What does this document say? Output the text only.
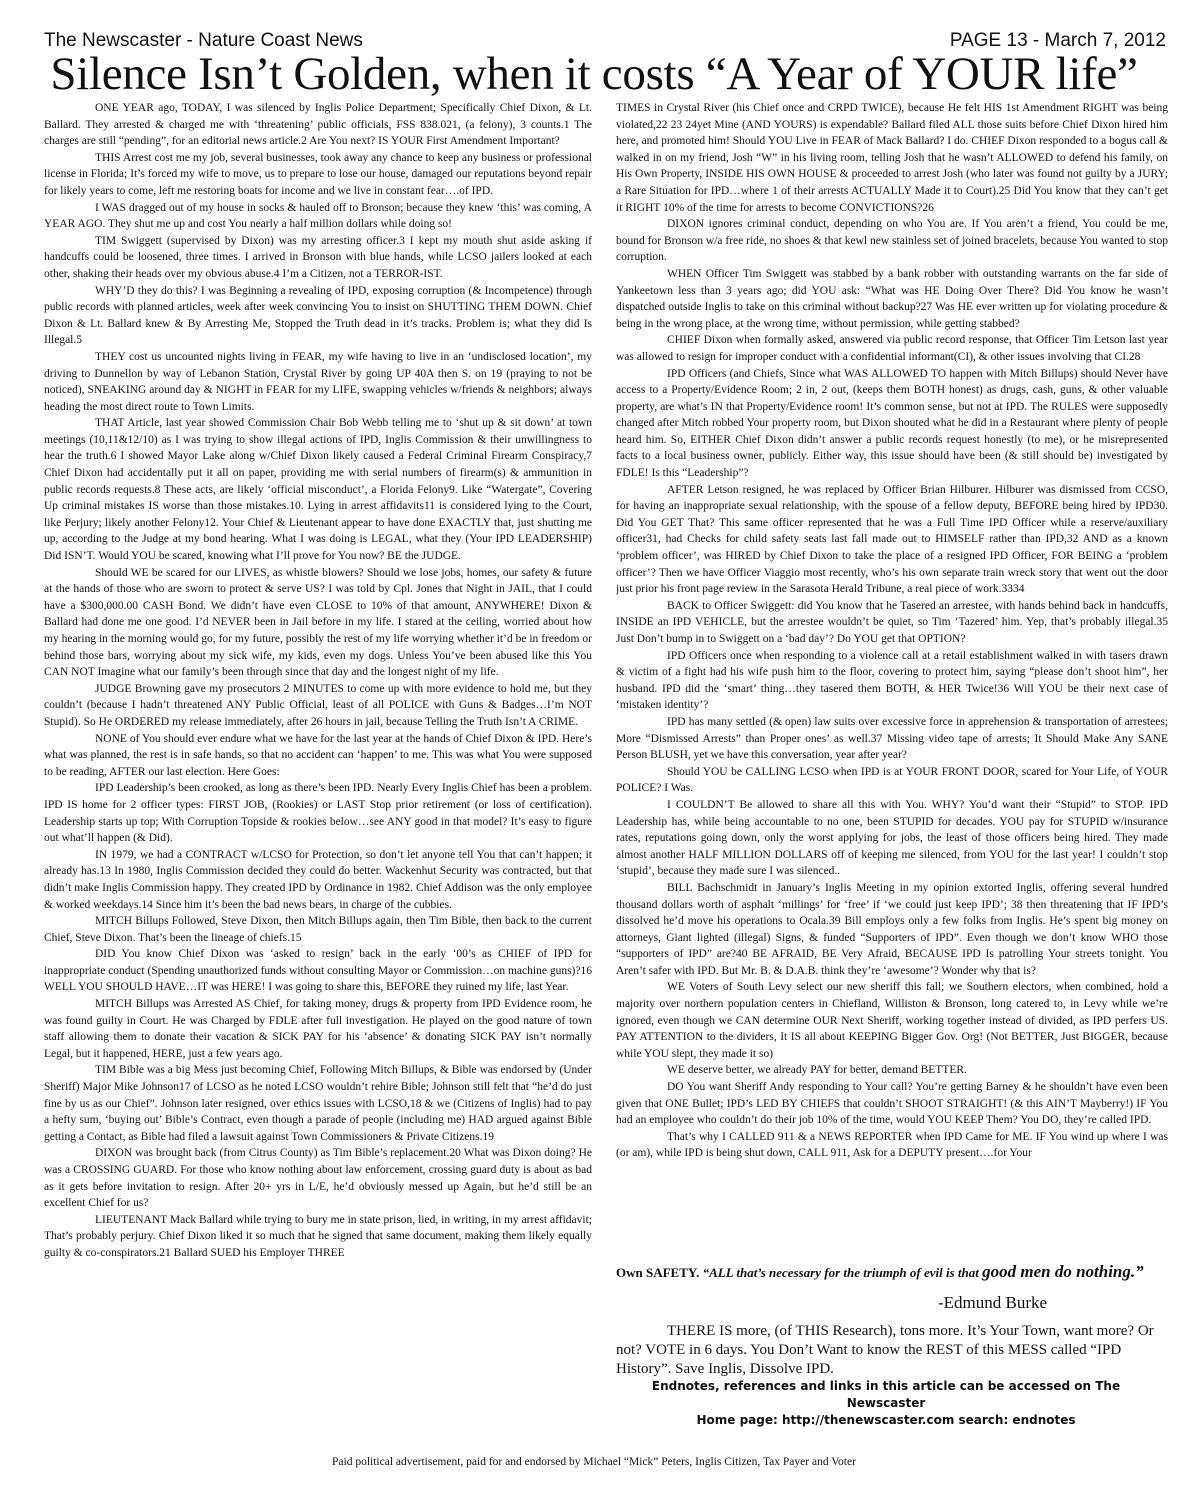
The Newscaster - Nature Coast News	PAGE 13 - March 7, 2012
Silence Isn’t Golden, when it costs “A Year of YOUR life”

ONE YEAR ago, TODAY, I was silenced by Inglis Police Department; Specifically Chief Dixon, & Lt. Ballard. They arrested & charged me with ‘threatening’ public officials, FSS 838.021, (a felony), 3 counts.1 The charges are still “pending”, for an editorial news article.2 Are You next? IS YOUR First Amendment Important?

THIS Arrest cost me my job, several businesses, took away any chance to keep any business or professional license in Florida; It’s forced my wife to move, us to prepare to lose our house, damaged our reputations beyond repair for likely years to come, left me restoring boats for income and we live in constant fear….of IPD.

I WAS dragged out of my house in socks & hauled off to Bronson; because they knew ‘this’ was coming, A YEAR AGO. They shut me up and cost You nearly a half million dollars while doing so!

TIM Swiggett (supervised by Dixon) was my arresting officer.3 I kept my mouth shut aside asking if handcuffs could be loosened, three times. I arrived in Bronson with blue hands, while LCSO jailers looked at each other, shaking their heads over my obvious abuse.4 I’m a Citizen, not a TERROR-IST.

WHY’D they do this? I was Beginning a revealing of IPD, exposing corruption (& Incompetence) through public records with planned articles, week after week convincing You to insist on SHUTTING THEM DOWN. Chief Dixon & Lt. Ballard knew & By Arresting Me, Stopped the Truth dead in it’s tracks. Problem is; what they did Is Illegal.5

THEY cost us uncounted nights living in FEAR, my wife having to live in an ‘undisclosed location’, my driving to Dunnellon by way of Lebanon Station, Crystal River by going UP 40A then S. on 19 (praying to not be noticed), SNEAKING around day & NIGHT in FEAR for my LIFE, swapping vehicles w/friends & neighbors; always heading the most direct route to Town Limits.

THAT Article, last year showed Commission Chair Bob Webb telling me to ‘shut up & sit down’ at town meetings (10,11&12/10) as I was trying to show illegal actions of IPD, Inglis Commission & their unwillingness to hear the truth.6 I showed Mayor Lake along w/Chief Dixon likely caused a Federal Criminal Firearm Conspiracy,7 Chief Dixon had accidentally put it all on paper, providing me with serial numbers of firearm(s) & ammunition in public records requests.8 These acts, are likely ‘official misconduct’, a Florida Felony9. Like “Watergate”, Covering Up criminal mistakes IS worse than those mistakes.10. Lying in arrest affidavits11 is considered lying to the Court, like Perjury; likely another Felony12. Your Chief & Lieutenant appear to have done EXACTLY that, just shutting me up, according to the Judge at my bond hearing. What I was doing is LEGAL, what they (Your IPD LEADERSHIP) Did ISN’T. Would YOU be scared, knowing what I’ll prove for You now? BE the JUDGE.

Should WE be scared for our LIVES, as whistle blowers? Should we lose jobs, homes, our safety & future at the hands of those who are sworn to protect & serve US? I was told by Cpl. Jones that Night in JAIL, that I could have a $300,000.00 CASH Bond. We didn’t have even CLOSE to 10% of that amount, ANYWHERE! Dixon & Ballard had done me one good. I’d NEVER been in Jail before in my life. I stared at the ceiling, worried about how my hearing in the morning would go, for my future, possibly the rest of my life worrying whether it’d be in freedom or behind those bars, worrying about my sick wife, my kids, even my dogs. Unless You’ve been abused like this You CAN NOT Imagine what our family’s been through since that day and the longest night of my life.

JUDGE Browning gave my prosecutors 2 MINUTES to come up with more evidence to hold me, but they couldn’t (because I hadn’t threatened ANY Public Official, least of all POLICE with Guns & Badges…I’m NOT Stupid). So He ORDERED my release immediately, after 26 hours in jail, because Telling the Truth Isn’t A CRIME.

NONE of You should ever endure what we have for the last year at the hands of Chief Dixon & IPD. Here’s what was planned, the rest is in safe hands, so that no accident can ‘happen’ to me. This was what You were supposed to be reading, AFTER our last election. Here Goes:

IPD Leadership’s been crooked, as long as there’s been IPD. Nearly Every Inglis Chief has been a problem. IPD IS home for 2 officer types: FIRST JOB, (Rookies) or LAST Stop prior retirement (or loss of certification). Leadership starts up top; With Corruption Topside & rookies below…see ANY good in that model? It’s easy to figure out what’ll happen (& Did).

IN 1979, we had a CONTRACT w/LCSO for Protection, so don’t let anyone tell You that can’t happen; it already has.13 In 1980, Inglis Commission decided they could do better. Wackenhut Security was contracted, but that didn’t make Inglis Commission happy. They created IPD by Ordinance in 1982. Chief Addison was the only employee & worked weekdays.14 Since him it’s been the bad news bears, in charge of the cubbies.

MITCH Billups Followed, Steve Dixon, then Mitch Billups again, then Tim Bible, then back to the current Chief, Steve Dixon. That’s been the lineage of chiefs.15

DID You know Chief Dixon was ‘asked to resign’ back in the early ‘00’s as CHIEF of IPD for inappropriate conduct (Spending unauthorized funds without consulting Mayor or Commission…on machine guns)?16 WELL YOU SHOULD HAVE…IT was HERE! I was going to share this, BEFORE they ruined my life, last Year.

MITCH Billups was Arrested AS Chief, for taking money, drugs & property from IPD Evidence room, he was found guilty in Court. He was Charged by FDLE after full investigation. He played on the good nature of town staff allowing them to donate their vacation & SICK PAY for his ‘absence’ & donating SICK PAY isn’t normally Legal, but it happened, HERE, just a few years ago.

TIM Bible was a big Mess just becoming Chief, Following Mitch Billups, & Bible was endorsed by (Under Sheriff) Major Mike Johnson17 of LCSO as he noted LCSO wouldn’t rehire Bible; Johnson still felt that “he’d do just fine by us as our Chief”. Johnson later resigned, over ethics issues with LCSO,18 & we (Citizens of Inglis) had to pay a hefty sum, ‘buying out’ Bible’s Contract, even though a parade of people (including me) HAD argued against Bible getting a Contact, as Bible had filed a lawsuit against Town Commissioners & Private Citizens.19

DIXON was brought back (from Citrus County) as Tim Bible’s replacement.20 What was Dixon doing? He was a CROSSING GUARD. For those who know nothing about law enforcement, crossing guard duty is about as bad as it gets before invitation to resign. After 20+ yrs in L/E, he’d obviously messed up Again, but he’d still be an excellent Chief for us?

LIEUTENANT Mack Ballard while trying to bury me in state prison, lied, in writing, in my arrest affidavit; That’s probably perjury. Chief Dixon liked it so much that he signed that same document, making them likely equally guilty & co-conspirators.21 Ballard SUED his Employer THREE

TIMES in Crystal River (his Chief once and CRPD TWICE), because He felt HIS 1st Amendment RIGHT was being violated,22 23 24yet Mine (AND YOURS) is expendable? Ballard filed ALL those suits before Chief Dixon hired him here, and promoted him! Should YOU Live in FEAR of Mack Ballard? I do. CHIEF Dixon responded to a bogus call & walked in on my friend, Josh “W” in his living room, telling Josh that he wasn’t ALLOWED to defend his family, on His Own Property, INSIDE HIS OWN HOUSE & proceeded to arrest Josh (who later was found not guilty by a JURY; a Rare Situation for IPD…where 1 of their arrests ACTUALLY Made it to Court).25 Did You know that they can’t get it RIGHT 10% of the time for arrests to become CONVICTIONS?26

DIXON ignores criminal conduct, depending on who You are. If You aren’t a friend, You could be me, bound for Bronson w/a free ride, no shoes & that kewl new stainless set of joined bracelets, because You wanted to stop corruption.

WHEN Officer Tim Swiggett was stabbed by a bank robber with outstanding warrants on the far side of Yankeetown less than 3 years ago; did YOU ask: “What was HE Doing Over There? Did You know he wasn’t dispatched outside Inglis to take on this criminal without backup?27 Was HE ever written up for violating procedure & being in the wrong place, at the wrong time, without permission, while getting stabbed?

CHIEF Dixon when formally asked, answered via public record response, that Officer Tim Letson last year was allowed to resign for improper conduct with a confidential informant(CI), & other issues involving that CI.28

IPD Officers (and Chiefs, Since what WAS ALLOWED TO happen with Mitch Billups) should Never have access to a Property/Evidence Room; 2 in, 2 out, (keeps them BOTH honest) as drugs, cash, guns, & other valuable property, are what’s IN that Property/Evidence room! It’s common sense, but not at IPD. The RULES were supposedly changed after Mitch robbed Your property room, but Dixon shouted what he did in a Restaurant where plenty of people heard him. So, EITHER Chief Dixon didn’t answer a public records request honestly (to me), or he misrepresented facts to a local business owner, publicly. Either way, this issue should have been (& still should be) investigated by FDLE! Is this “Leadership”?

AFTER Letson resigned, he was replaced by Officer Brian Hilburer. Hilburer was dismissed from CCSO, for having an inappropriate sexual relationship, with the spouse of a fellow deputy, BEFORE being hired by IPD30. Did You GET That? This same officer represented that he was a Full Time IPD Officer while a reserve/auxiliary officer31, had Checks for child safety seats last fall made out to HIMSELF rather than IPD,32 AND as a known ‘problem officer’, was HIRED by Chief Dixon to take the place of a resigned IPD Officer, FOR BEING a ‘problem officer’? Then we have Officer Viaggio most recently, who’s his own separate train wreck story that went out the door just prior his front page review in the Sarasota Herald Tribune, a real piece of work.3334

BACK to Officer Swiggett: did You know that he Tasered an arrestee, with hands behind back in handcuffs, INSIDE an IPD VEHICLE, but the arrestee wouldn’t be quiet, so Tim ‘Tazered’ him. Yep, that’s probably illegal.35 Just Don’t bump in to Swiggett on a ‘bad day’? Do YOU get that OPTION?

IPD Officers once when responding to a violence call at a retail establishment walked in with tasers drawn & victim of a fight had his wife push him to the floor, covering to protect him, saying “please don’t shoot him”, her husband. IPD did the ‘smart’ thing…they tasered them BOTH, & HER Twice!36 Will YOU be their next case of ‘mistaken identity’?

IPD has many settled (& open) law suits over excessive force in apprehension & transportation of arrestees; More “Dismissed Arrests” than Proper ones’ as well.37 Missing video tape of arrests; It Should Make Any SANE Person BLUSH, yet we have this conversation, year after year?

Should YOU be CALLING LCSO when IPD is at YOUR FRONT DOOR, scared for Your Life, of YOUR POLICE? I Was.

I COULDN’T Be allowed to share all this with You. WHY? You’d want their “Stupid” to STOP. IPD Leadership has, while being accountable to no one, been STUPID for decades. YOU pay for STUPID w/insurance rates, reputations going down, only the worst applying for jobs, the least of those officers being hired. They made almost another HALF MILLION DOLLARS off of keeping me silenced, from YOU for the last year! I couldn’t stop ‘stupid’, because they made sure I was silenced..

BILL Bachschmidt in January’s Inglis Meeting in my opinion extorted Inglis, offering several hundred thousand dollars worth of asphalt ‘millings’ for ‘free’ if ‘we could just keep IPD’; 38 then threatening that IF IPD’s dissolved he’d move his operations to Ocala.39 Bill employs only a few folks from Inglis. He’s spent big money on attorneys, Giant lighted (illegal) Signs, & funded “Supporters of IPD”. Even though we don’t know WHO those “supporters of IPD” are?40 BE AFRAID, BE Very Afraid, BECAUSE IPD Is patrolling Your streets tonight. You Aren’t safer with IPD. But Mr. B. & D.A.B. think they’re ‘awesome’? Wonder why that is?

WE Voters of South Levy select our new sheriff this fall; we Southern electors, when combined, hold a majority over northern population centers in Chiefland, Williston & Bronson, long catered to, in Levy while we’re ignored, even though we CAN determine OUR Next Sheriff, working together instead of divided, as IPD perfers US. PAY ATTENTION to the dividers, It IS all about KEEPING Bigger Gov. Org! (Not BETTER, Just BIGGER, because while YOU slept, they made it so)

WE deserve better, we already PAY for better, demand BETTER.

DO You want Sheriff Andy responding to Your call? You’re getting Barney & he shouldn’t have even been given that ONE Bullet; IPD’s LED BY CHIEFS that couldn’t SHOOT STRAIGHT! (& this AIN’T Mayberry!) IF You had an employee who couldn’t do their job 10% of the time, would YOU KEEP Them? You DO, they’re called IPD.

That’s why I CALLED 911 & a NEWS REPORTER when IPD Came for ME. IF You wind up where I was (or am), while IPD is being shut down, CALL 911, Ask for a DEPUTY present….for Your

Own SAFETY. “ALL that’s necessary for the triumph of evil is that good men do nothing.”
-Edmund Burke

THERE IS more, (of THIS Research), tons more. It’s Your Town, want more? Or not? VOTE in 6 days. You Don’t Want to know the REST of this MESS called “IPD History”. Save Inglis, Dissolve IPD.

Endnotes, references and links in this article can be accessed on The Newscaster
Home page: http://thenewscaster.com search: endnotes
Paid political advertisement, paid for and endorsed by Michael “Mick” Peters, Inglis Citizen, Tax Payer and Voter
